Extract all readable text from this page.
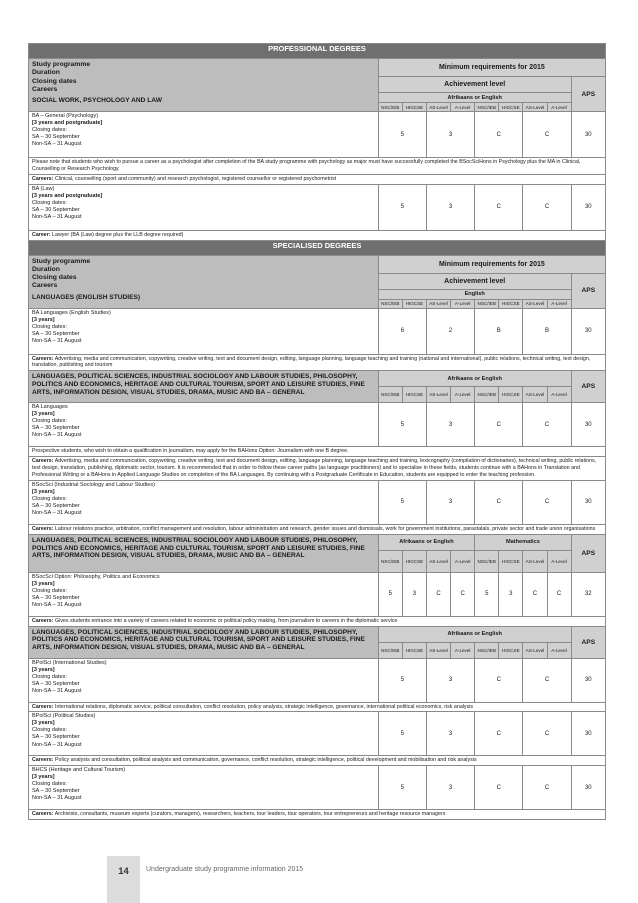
PROFESSIONAL DEGREES									

Study programme
Duration
Closing dates
Careers
SOCIAL WORK, PSYCHOLOGY AND LAW	Minimum requirements for 2015								
	Achievement level								APS
	Afrikaans or English								
	NSC/IEB	HIGCSE	AS-Level	A-Level	NSC/IEB	HIGCSE	AS-Level	A-Level	

BA – General (Psychology)
[3 years and postgraduate]
Closing dates:
SA – 30 September
Non-SA – 31 August	5		3		C		C		30
Please note that students who wish to pursue a career as a psychologist after completion of the BA study programme with psychology as major must have successfully completed the BSocSciHons in Psychology plus the MA in Clinical, Counselling or Research Psychology.									
Careers: Clinical, counselling (sport and community) and research psychologist, registered counsellor or registered psychometrist									

BA (Law)
[3 years and postgraduate]
Closing dates:
SA – 30 September
Non-SA – 31 August	5		3		C		C		30
Career: Lawyer (BA (Law) degree plus the LLB degree required)									
SPECIALISED DEGREES									

Study programme
Duration
Closing dates
Careers
LANGUAGES (ENGLISH STUDIES)	Minimum requirements for 2015								
	Achievement level								APS
	English								
	NSC/IEB	HIGCSE	AS-Level	A-Level	NSC/IEB	HIGCSE	AS-Level	A-Level	

BA Languages (English Studies)
[3 years]
Closing dates:
SA – 30 September
Non-SA – 31 August	6		2		B		B		30
Careers: Advertising, media and communication, copywriting, creative writing, text and document design, editing, language planning, language teaching and training (national and international), public relations, technical writing, text design, translation, publishing and tourism									

LANGUAGES, POLITICAL SCIENCES, INDUSTRIAL SOCIOLOGY AND LABOUR STUDIES, PHILOSOPHY, POLITICS AND ECONOMICS, HERITAGE AND CULTURAL TOURISM, SPORT AND LEISURE STUDIES, FINE ARTS, INFORMATION DESIGN, VISUAL STUDIES, DRAMA, MUSIC AND BA – GENERAL	Afrikaans or English								APS
	NSC/IEB	HIGCSE	AS-Level	A-Level	NSC/IEB	HIGCSE	AS-Level	A-Level	

BA Languages
[3 years]
Closing dates:
SA – 30 September
Non-SA – 31 August	5		3		C		C		30
Prospective students, who wish to obtain a qualification in journalism, may apply for the BAHons Option: Journalism with one B degree.									
Careers: Advertising, media and communication, copywriting, creative writing, text and document design, editing, language planning, language teaching and training, lexicography (compilation of dictionaries), technical writing, public relations, text design, translation, publishing, diplomatic sector, tourism. It is recommended that in order to follow these career paths (as language practitioners) and to specialise in these fields, students continue with a BAHons in Translation and Professional Writing or a BAHons in Applied Language Studies on completion of the BA Languages. By continuing with a Postgraduate Certificate in Education, students are equipped to enter the teaching profession.									

BSocSci (Industrial Sociology and Labour Studies)
[3 years]
Closing dates:
SA – 30 September
Non-SA – 31 August	5		3		C		C		30
Careers: Labour relations practice, arbitration, conflict management and resolution, labour administration and research, gender issues and dismissals, work for government institutions, parastatals, private sector and trade union organisations									

LANGUAGES, POLITICAL SCIENCES, INDUSTRIAL SOCIOLOGY AND LABOUR STUDIES, PHILOSOPHY, POLITICS AND ECONOMICS, HERITAGE AND CULTURAL TOURISM, SPORT AND LEISURE STUDIES, FINE ARTS, INFORMATION DESIGN, VISUAL STUDIES, DRAMA, MUSIC AND BA – GENERAL	Afrikaans or English				Mathematics				APS
	NSC/IEB	HIGCSE	AS-Level	A-Level	NSC/IEB	HIGCSE	AS-Level	A-Level	

BSocSci Option: Philosophy, Politics and Economics
[3 years]
Closing dates:
SA – 30 September
Non-SA – 31 August	5	3	C	C	5	3	C	C	32
Careers: Gives students entrance into a variety of careers related to economic or political policy making, from journalism to careers in the diplomatic service									

LANGUAGES, POLITICAL SCIENCES, INDUSTRIAL SOCIOLOGY AND LABOUR STUDIES, PHILOSOPHY, POLITICS AND ECONOMICS, HERITAGE AND CULTURAL TOURISM, SPORT AND LEISURE STUDIES, FINE ARTS, INFORMATION DESIGN, VISUAL STUDIES, DRAMA, MUSIC AND BA – GENERAL	Afrikaans or English								APS
	NSC/IEB	HIGCSE	AS-Level	A-Level	NSC/IEB	HIGCSE	AS-Level	A-Level	

BPolSci (International Studies)
[3 years]
Closing dates:
SA – 30 September
Non-SA – 31 August	5		3		C		C		30
Careers: International relations, diplomatic service, political consultation, conflict resolution, policy analysis, strategic intelligence, governance, international political economics, risk analysis									

BPolSci (Political Studies)
[3 years]
Closing dates:
SA – 30 September
Non-SA – 31 August	5		3		C		C		30
Careers: Policy analysis and consultation, political analysis and communication, governance, conflict resolution, strategic intelligence, political development and mobilisation and risk analysis									

BHCS (Heritage and Cultural Tourism)
[3 years]
Closing dates:
SA – 30 September
Non-SA – 31 August	5		3		C		C		30
Careers: Archivists, consultants, museum experts (curators, managers), researchers, teachers, tour leaders, tour operators, tour entrepreneurs and heritage resource managers									
14	Undergraduate study programme information 2015
